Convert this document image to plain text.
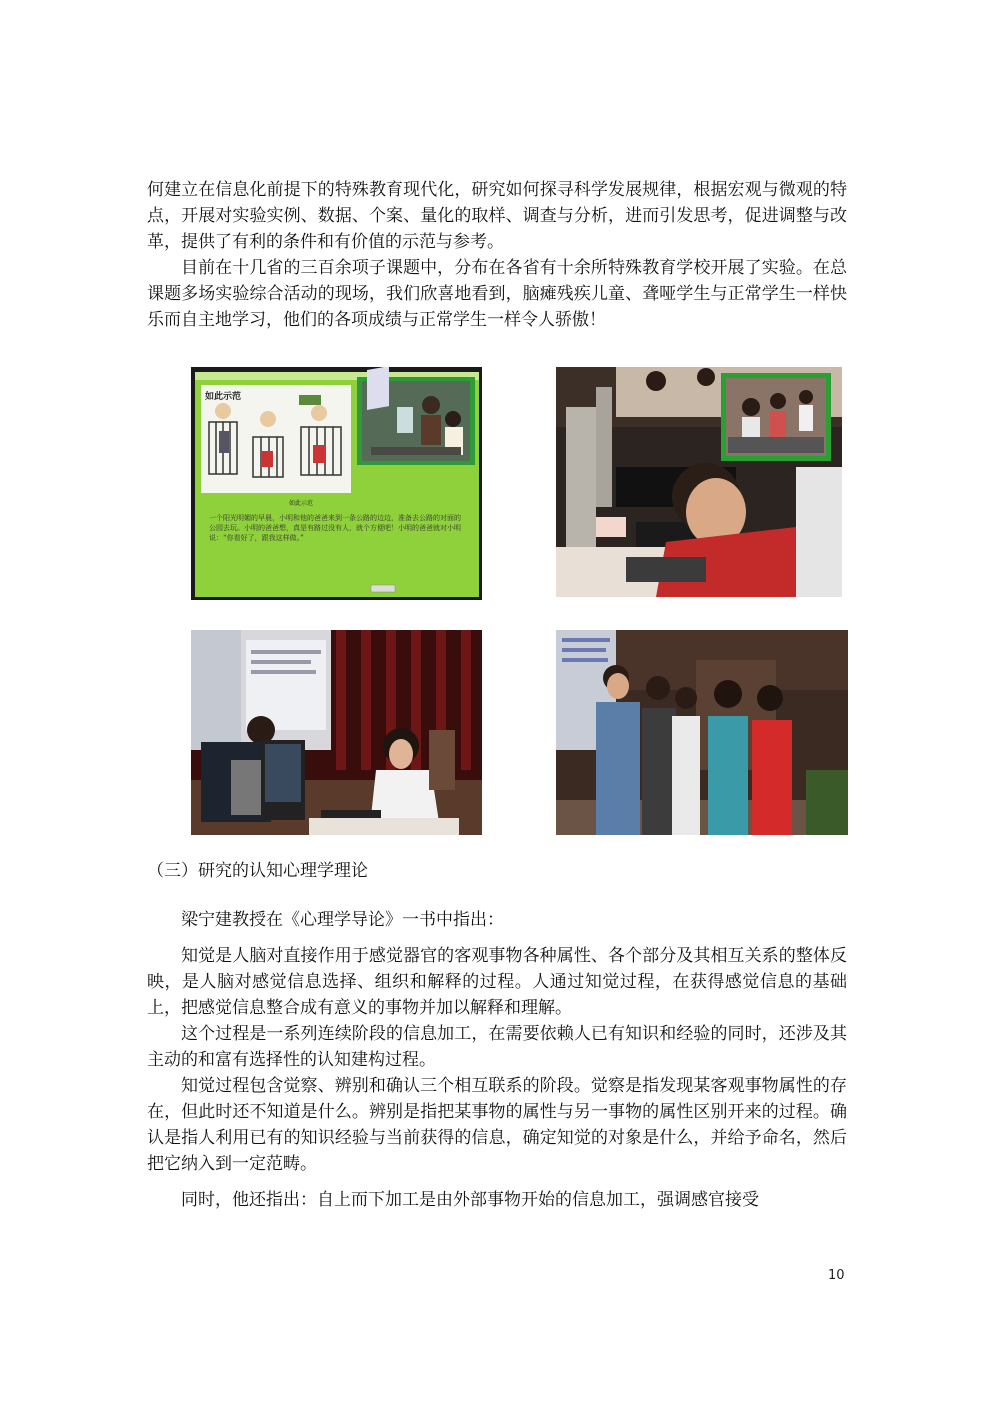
何建立在信息化前提下的特殊教育现代化，研究如何探寻科学发展规律，根据宏观与微观的特点，开展对实验实例、数据、个案、量化的取样、调查与分析，进而引发思考，促进调整与改革，提供了有利的条件和有价值的示范与参考。

目前在十几省的三百余项子课题中，分布在各省有十余所特殊教育学校开展了实验。在总课题多场实验综合活动的现场，我们欣喜地看到，脑瘫残疾儿童、聋哑学生与正常学生一样快乐而自主地学习，他们的各项成绩与正常学生一样令人骄傲！

如此示范
如此示范
一个阳光明媚的早晨，小明和他的爸爸来到一条公路的边边，准备去公路的对面的公园去玩。小明的爸爸想，真是有路过没有人，就个方便吧！小明的爸爸就对小明说：“你看好了，跟我这样做。”

（三）研究的认知心理学理论

梁宁建教授在《心理学导论》一书中指出：

知觉是人脑对直接作用于感觉器官的客观事物各种属性、各个部分及其相互关系的整体反映，是人脑对感觉信息选择、组织和解释的过程。人通过知觉过程，在获得感觉信息的基础上，把感觉信息整合成有意义的事物并加以解释和理解。

这个过程是一系列连续阶段的信息加工，在需要依赖人已有知识和经验的同时，还涉及其主动的和富有选择性的认知建构过程。

知觉过程包含觉察、辨别和确认三个相互联系的阶段。觉察是指发现某客观事物属性的存在，但此时还不知道是什么。辨别是指把某事物的属性与另一事物的属性区别开来的过程。确认是指人利用已有的知识经验与当前获得的信息，确定知觉的对象是什么，并给予命名，然后把它纳入到一定范畴。

同时，他还指出：自上而下加工是由外部事物开始的信息加工，强调感官接受

10
